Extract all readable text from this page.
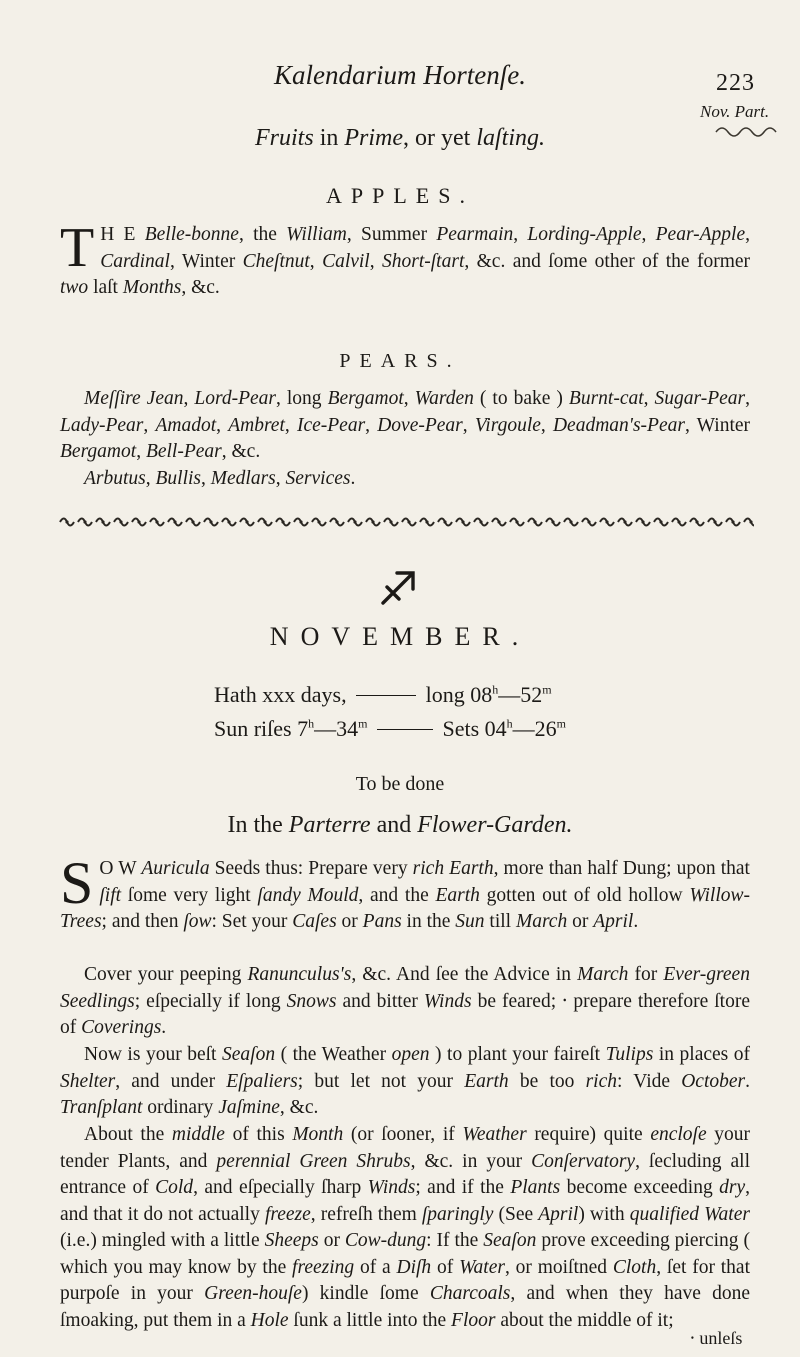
Kalendarium Hortenſe.	223
Nov. Part.
Fruits in Prime, or yet laſting.
APPLES.
T H E Belle-bonne, the William, Summer Pearmain, Lording-Apple, Pear-Apple, Cardinal, Winter Cheſtnut, Calvil, Short-ſtart, &c. and ſome other of the former two laſt Months, &c.
PEARS.
Meſſire Jean, Lord-Pear, long Bergamot, Warden ( to bake ) Burnt-cat, Sugar-Pear, Lady-Pear, Amadot, Ambret, Ice-Pear, Dove-Pear, Virgoule, Deadman's-Pear, Winter Bergamot, Bell-Pear, &c.
Arbutus, Bullis, Medlars, Services.
NOVEMBER.
Hath xxx days,	long 08$^h$—52$^m$
Sun riſes 7$^h$—34$^m$	Sets 04$^h$—26$^m$
To be done
In the Parterre and Flower-Garden.
S O W Auricula Seeds thus: Prepare very rich Earth, more than half Dung; upon that ſift ſome very light ſandy Mould, and the Earth gotten out of old hollow Willow-Trees; and then ſow: Set your Caſes or Pans in the Sun till March or April.
Cover your peeping Ranunculus's, &c. And ſee the Advice in March for Ever-green Seedlings; eſpecially if long Snows and bitter Winds be feared; ⸱ prepare therefore ſtore of Coverings.
Now is your beſt Seaſon ( the Weather open ) to plant your faireſt Tulips in places of Shelter, and under Eſpaliers; but let not your Earth be too rich: Vide October. Tranſplant ordinary Jaſmine, &c.
About the middle of this Month (or ſooner, if Weather require) quite encloſe your tender Plants, and perennial Green Shrubs, &c. in your Conſervatory, ſecluding all entrance of Cold, and eſpecially ſharp Winds; and if the Plants become exceeding dry, and that it do not actually freeze, refreſh them ſparingly (See April) with qualified Water (i.e.) mingled with a little Sheeps or Cow-dung: If the Seaſon prove exceeding piercing ( which you may know by the freezing of a Diſh of Water, or moiſtned Cloth, ſet for that purpoſe in your Green-houſe) kindle ſome Charcoals, and when they have done ſmoaking, put them in a Hole ſunk a little into the Floor about the middle of it;
⸱ unleſs
